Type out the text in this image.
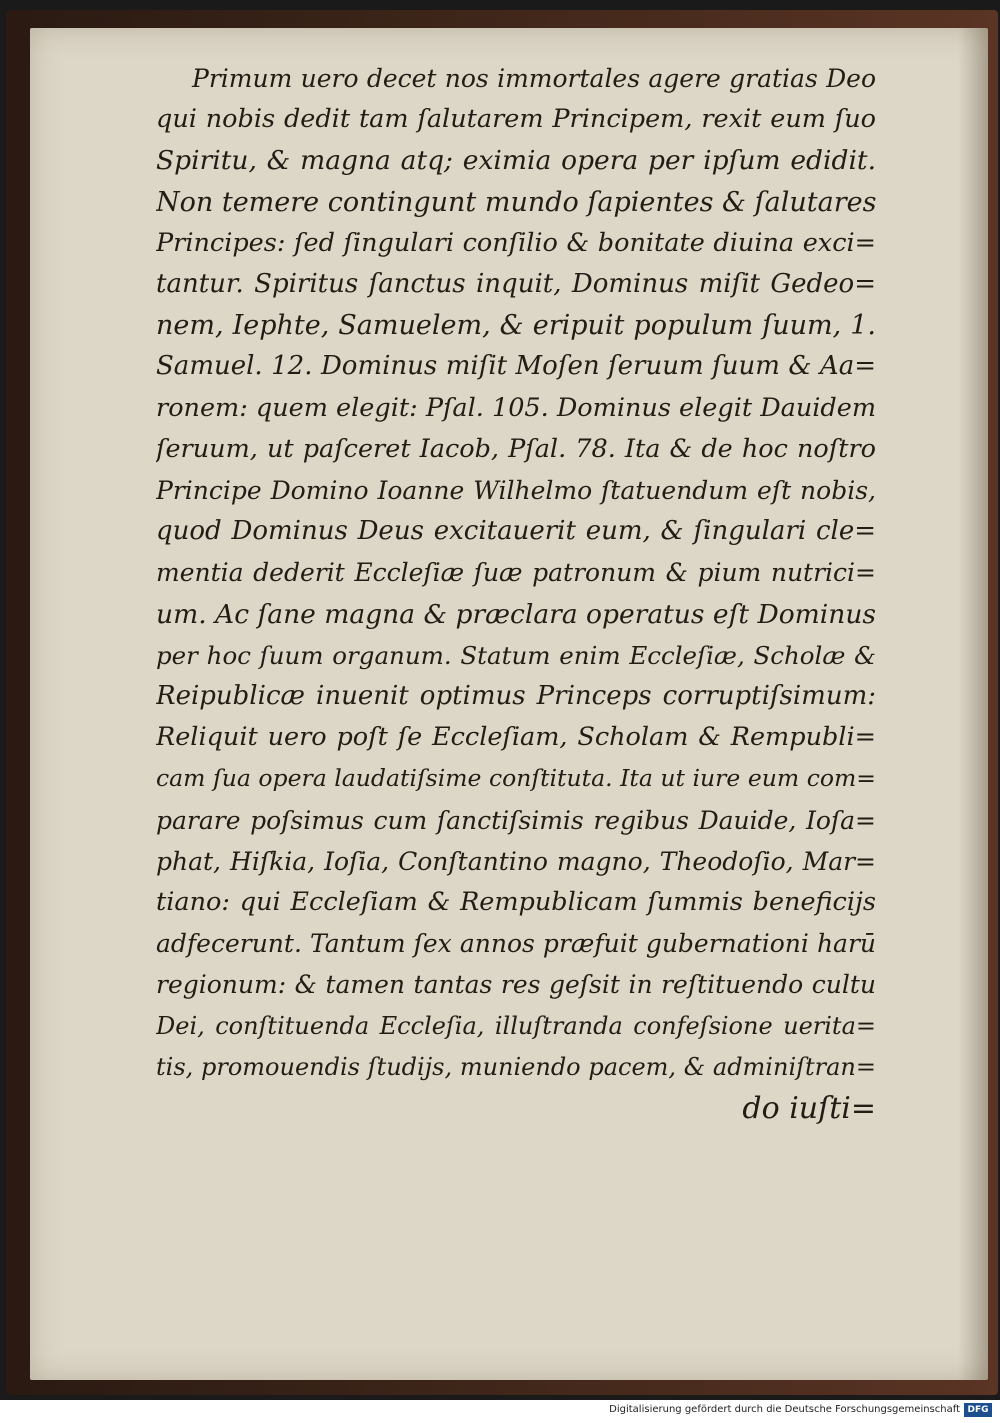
Primum uero decet nos immortales agere gratias Deo
qui nobis dedit tam ſalutarem Principem, rexit eum ſuo
Spiritu, & magna atq; eximia opera per ipſum edidit.
Non temere contingunt mundo ſapientes & ſalutares
Principes: ſed ſingulari conſilio & bonitate diuina exci=
tantur. Spiritus ſanctus inquit, Dominus miſit Gedeo=
nem, Iephte, Samuelem, & eripuit populum ſuum, 1.
Samuel. 12. Dominus miſit Moſen ſeruum ſuum & Aa=
ronem: quem elegit: Pſal. 105. Dominus elegit Dauidem
ſeruum, ut paſceret Iacob, Pſal. 78. Ita & de hoc noſtro
Principe Domino Ioanne Wilhelmo ſtatuendum eſt nobis,
quod Dominus Deus excitauerit eum, & ſingulari cle=
mentia dederit Eccleſiæ ſuæ patronum & pium nutrici=
um. Ac ſane magna & præclara operatus eſt Dominus
per hoc ſuum organum. Statum enim Eccleſiæ, Scholæ &
Reipublicæ inuenit optimus Princeps corruptiſsimum:
Reliquit uero poſt ſe Eccleſiam, Scholam & Rempubli=
cam ſua opera laudatiſsime conſtituta. Ita ut iure eum com=
parare poſsimus cum ſanctiſsimis regibus Dauide, Ioſa=
phat, Hiſkia, Ioſia, Conſtantino magno, Theodoſio, Mar=
tiano: qui Eccleſiam & Rempublicam ſummis beneficijs
adfecerunt. Tantum ſex annos præfuit gubernationi harū
regionum: & tamen tantas res geſsit in reſtituendo cultu
Dei, conſtituenda Eccleſia, illuſtranda confeſsione ueritа=
tis, promouendis ſtudijs, muniendo pacem, & adminiſtran=
do iuſti=
Digitalisierung gefördert durch die Deutsche Forschungsgemeinschaft DFG
